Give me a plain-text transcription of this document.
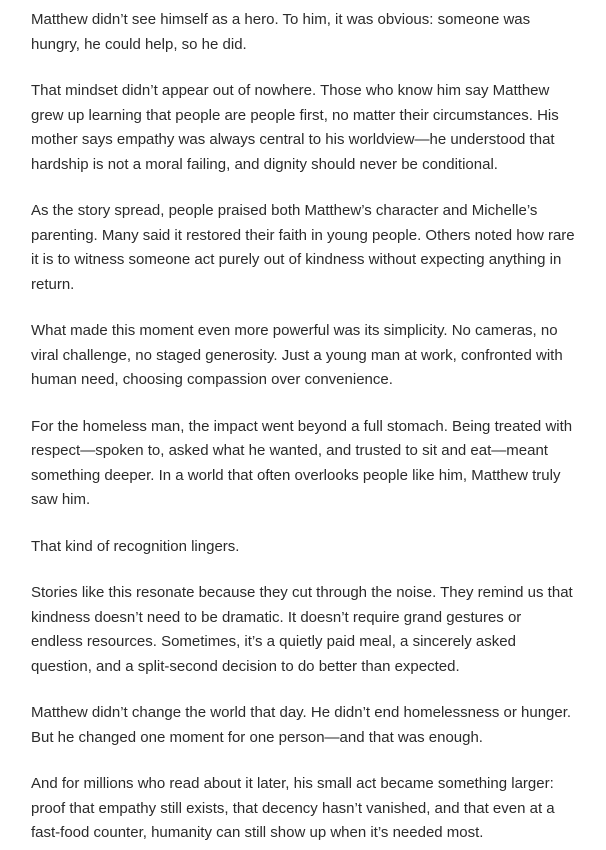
Matthew didn’t see himself as a hero. To him, it was obvious: someone was hungry, he could help, so he did.

That mindset didn’t appear out of nowhere. Those who know him say Matthew grew up learning that people are people first, no matter their circumstances. His mother says empathy was always central to his worldview—he understood that hardship is not a moral failing, and dignity should never be conditional.

As the story spread, people praised both Matthew’s character and Michelle’s parenting. Many said it restored their faith in young people. Others noted how rare it is to witness someone act purely out of kindness without expecting anything in return.

What made this moment even more powerful was its simplicity. No cameras, no viral challenge, no staged generosity. Just a young man at work, confronted with human need, choosing compassion over convenience.

For the homeless man, the impact went beyond a full stomach. Being treated with respect—spoken to, asked what he wanted, and trusted to sit and eat—meant something deeper. In a world that often overlooks people like him, Matthew truly saw him.

That kind of recognition lingers.

Stories like this resonate because they cut through the noise. They remind us that kindness doesn’t need to be dramatic. It doesn’t require grand gestures or endless resources. Sometimes, it’s a quietly paid meal, a sincerely asked question, and a split-second decision to do better than expected.

Matthew didn’t change the world that day. He didn’t end homelessness or hunger. But he changed one moment for one person—and that was enough.

And for millions who read about it later, his small act became something larger: proof that empathy still exists, that decency hasn’t vanished, and that even at a fast-food counter, humanity can still show up when it’s needed most.
